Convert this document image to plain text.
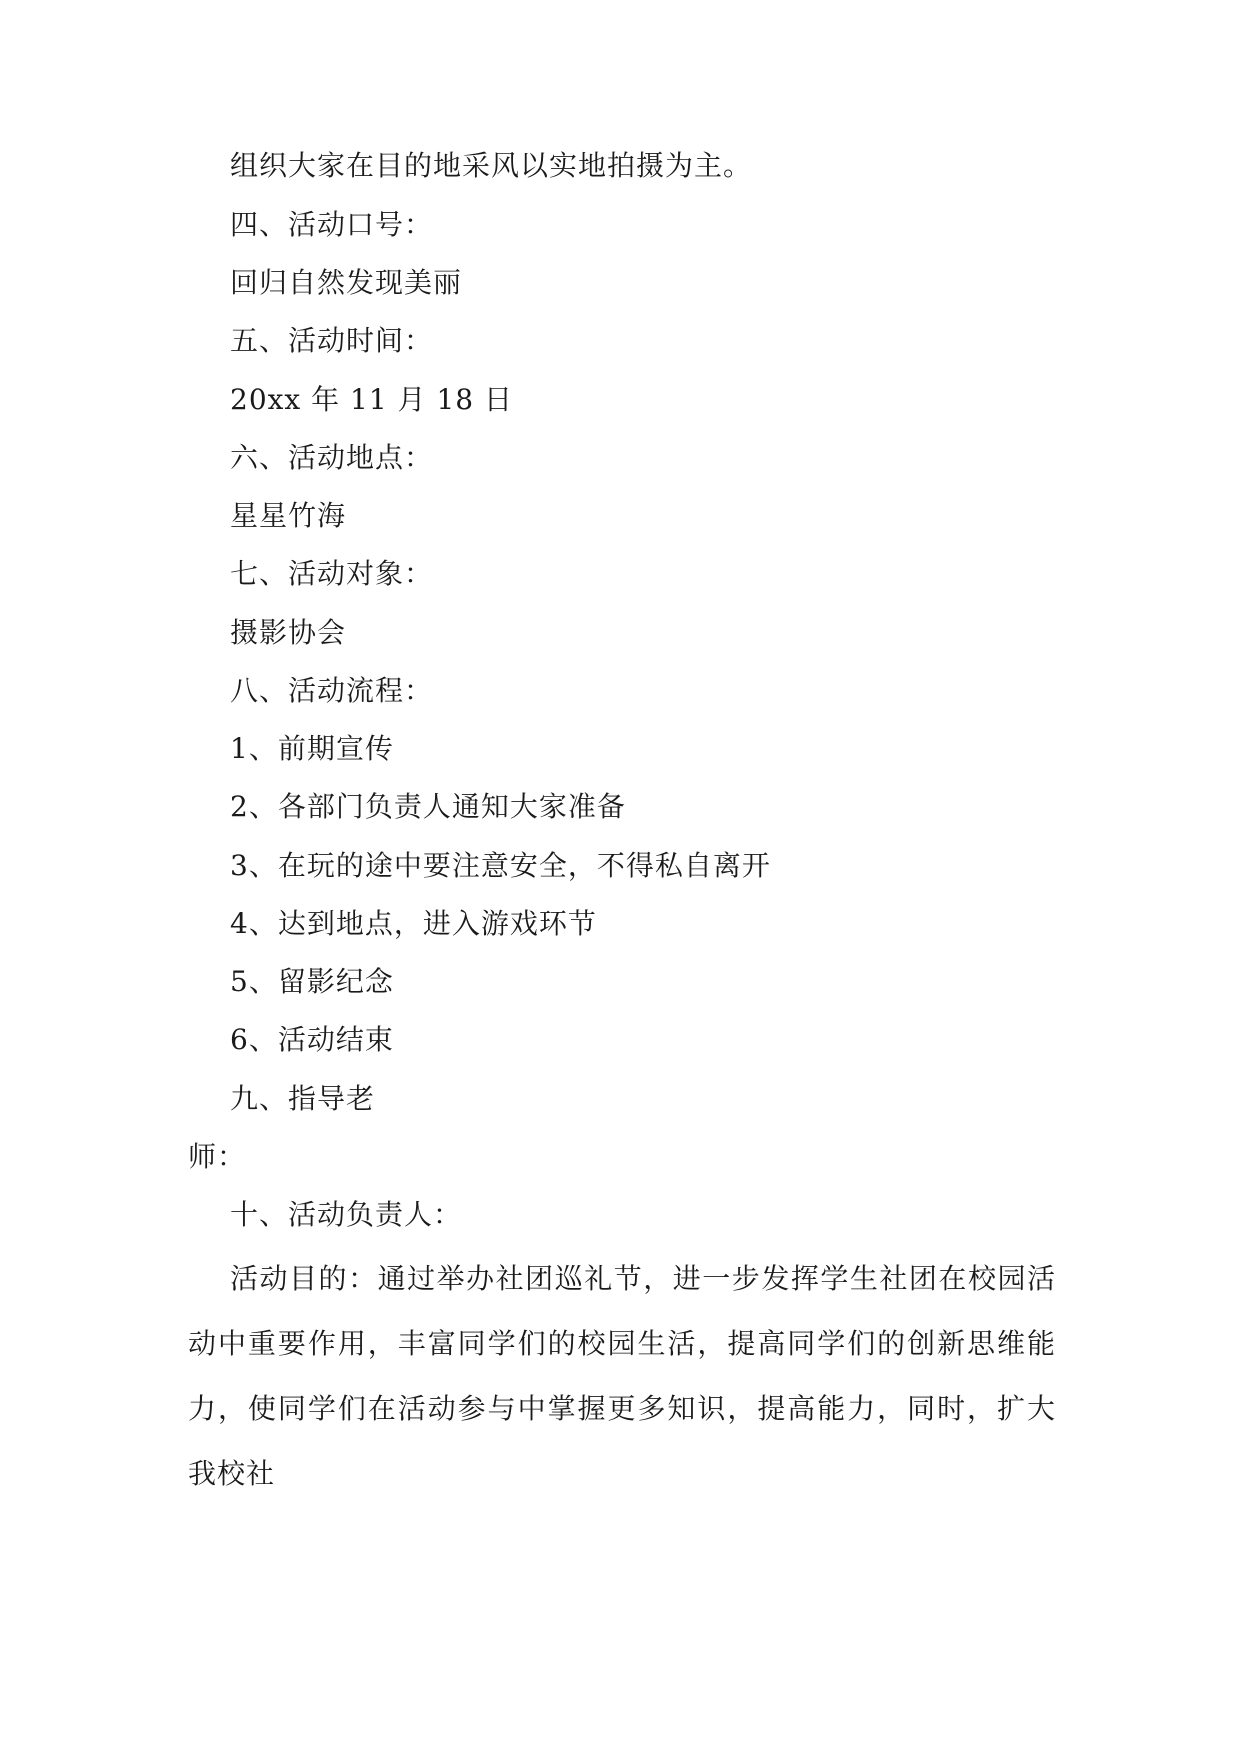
组织大家在目的地采风以实地拍摄为主。
四、活动口号：
回归自然发现美丽
五、活动时间：
20xx 年 11 月 18 日
六、活动地点：
星星竹海
七、活动对象：
摄影协会
八、活动流程：
1、前期宣传
2、各部门负责人通知大家准备
3、在玩的途中要注意安全，不得私自离开
4、达到地点，进入游戏环节
5、留影纪念
6、活动结束
九、指导老
师：
十、活动负责人：
活动目的：通过举办社团巡礼节，进一步发挥学生社团在校园活动中重要作用，丰富同学们的校园生活，提高同学们的创新思维能力，使同学们在活动参与中掌握更多知识，提高能力，同时，扩大我校社
